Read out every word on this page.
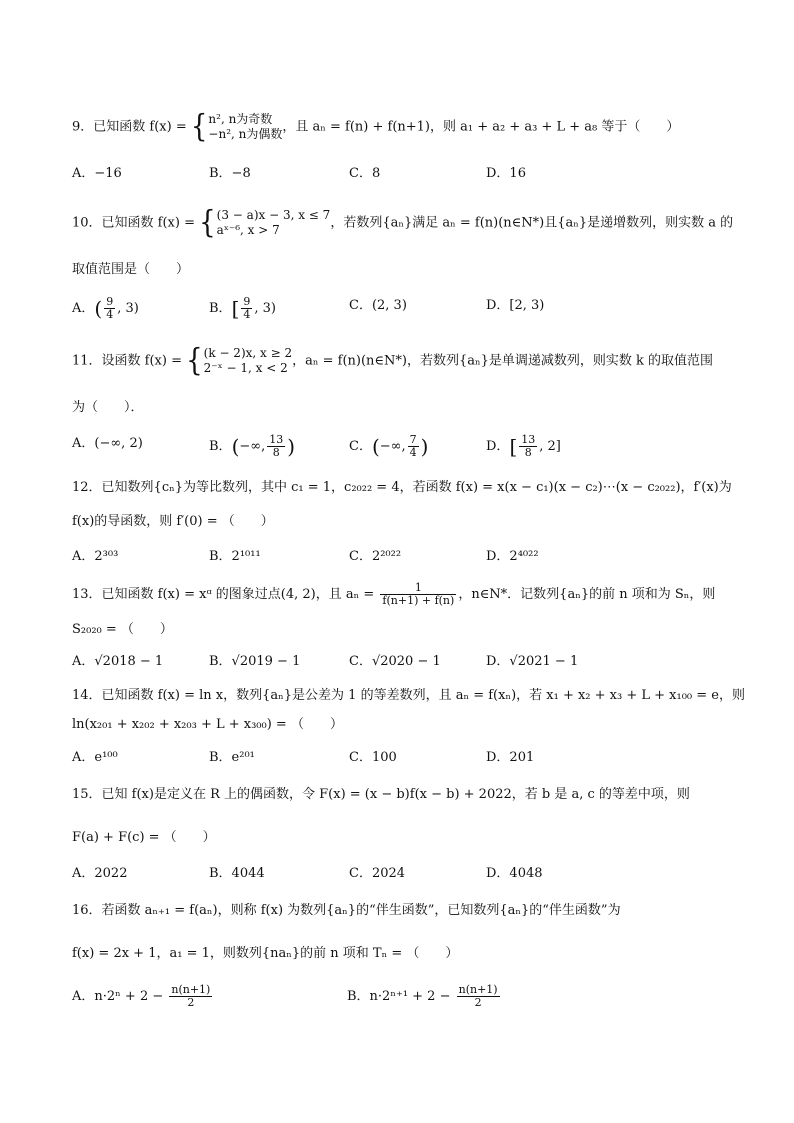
9．已知函数 f(x) = { n², n为奇数
−n², n为偶数 ，且 aₙ = f(n) + f(n+1)，则 a₁ + a₂ + a₃ + L + a₈ 等于（　　）
A．−16	B．−8	C．8	D．16
10．已知函数 f(x) = { (3 − a)x − 3, x ≤ 7
aˣ⁻⁶, x > 7	，若数列{aₙ}满足 aₙ = f(n)(n∈N*)且{aₙ}是递增数列，则实数 a 的
取值范围是（　　）
A．( $\frac{9}{4}$ , 3)	B．[ $\frac{9}{4}$ , 3)	C．(2, 3)	D．[2, 3)
11．设函数 f(x) = { (k − 2)x, x ≥ 2
2⁻ˣ − 1, x < 2 ，aₙ = f(n)(n∈N*)，若数列{aₙ}是单调递减数列，则实数 k 的取值范围
为（　　）．
A．(−∞, 2)	B．(−∞, $\frac{13}{8}$ )	C．(−∞, $\frac{7}{4}$ )	D．[ $\frac{13}{8}$ , 2]
12．已知数列{cₙ}为等比数列，其中 c₁ = 1，c₂₀₂₂ = 4，若函数 f(x) = x(x − c₁)(x − c₂)⋯(x − c₂₀₂₂)，f′(x)为
f(x)的导函数，则 f′(0) = （　　）
A．2³⁰³	B．2¹⁰¹¹	C．2²⁰²²	D．2⁴⁰²²
13．已知函数 f(x) = xᵅ 的图象过点(4, 2)，且 $a_n = \frac{1}{f(n+1) + f(n)}$ ，n∈N*．记数列{aₙ}的前 n 项和为 Sₙ，则
S₂₀₂₀ = （　　）
A．√2018 − 1	B．√2019 − 1	C．√2020 − 1	D．√2021 − 1
14．已知函数 f(x) = ln x，数列{aₙ}是公差为 1 的等差数列，且 aₙ = f(xₙ)，若 x₁ + x₂ + x₃ + L + x₁₀₀ = e，则
ln(x₂₀₁ + x₂₀₂ + x₂₀₃ + L + x₃₀₀) = （　　）
A．e¹⁰⁰	B．e²⁰¹	C．100	D．201
15．已知 f(x)是定义在 R 上的偶函数，令 F(x) = (x − b)f(x − b) + 2022，若 b 是 a, c 的等差中项，则
F(a) + F(c) = （　　）
A．2022	B．4044	C．2024	D．4048
16．若函数 aₙ₊₁ = f(aₙ)，则称 f(x) 为数列{aₙ}的“伴生函数”，已知数列{aₙ}的“伴生函数”为
f(x) = 2x + 1，a₁ = 1，则数列{naₙ}的前 n 项和 Tₙ = （　　）
A．$n\cdot 2^n + 2 - \frac{n(n+1)}{2}$	B．$n\cdot 2^{n+1} + 2 - \frac{n(n+1)}{2}$
